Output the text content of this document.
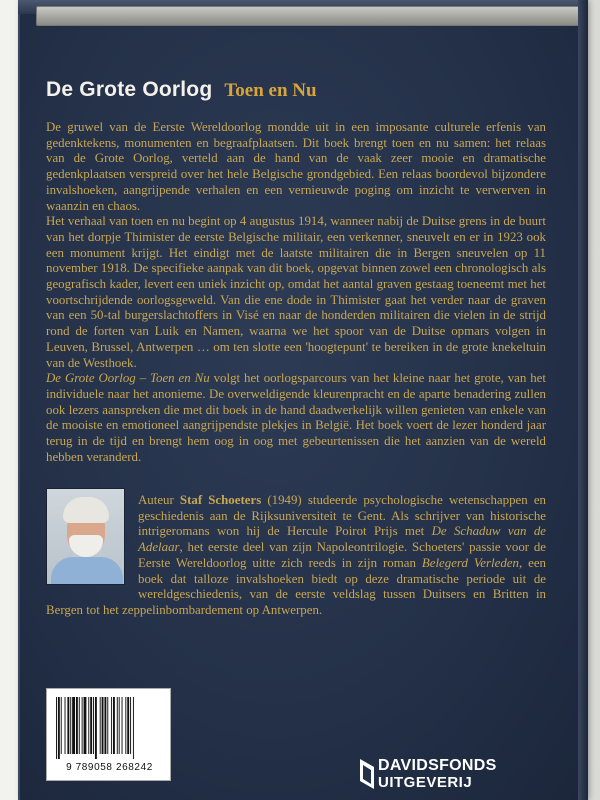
De Grote Oorlog Toen en Nu

De gruwel van de Eerste Wereldoorlog mondde uit in een imposante culturele erfenis van gedenktekens, monumenten en begraafplaatsen. Dit boek brengt toen en nu samen: het relaas van de Grote Oorlog, verteld aan de hand van de vaak zeer mooie en dramatische gedenkplaatsen verspreid over het hele Belgische grondgebied. Een relaas boordevol bijzondere invalshoeken, aangrijpende verhalen en een vernieuwde poging om inzicht te verwerven in waanzin en chaos.

Het verhaal van toen en nu begint op 4 augustus 1914, wanneer nabij de Duitse grens in de buurt van het dorpje Thimister de eerste Belgische militair, een verkenner, sneuvelt en er in 1923 ook een monument krijgt. Het eindigt met de laatste militairen die in Bergen sneuvelen op 11 november 1918. De specifieke aanpak van dit boek, opgevat binnen zowel een chronologisch als geografisch kader, levert een uniek inzicht op, omdat het aantal graven gestaag toeneemt met het voortschrijdende oorlogsgeweld. Van die ene dode in Thimister gaat het verder naar de graven van een 50-tal burgerslachtoffers in Visé en naar de honderden militairen die vielen in de strijd rond de forten van Luik en Namen, waarna we het spoor van de Duitse opmars volgen in Leuven, Brussel, Antwerpen … om ten slotte een 'hoogtepunt' te bereiken in de grote knekeltuin van de Westhoek.

De Grote Oorlog – Toen en Nu volgt het oorlogsparcours van het kleine naar het grote, van het individuele naar het anonieme. De overweldigende kleurenpracht en de aparte benadering zullen ook lezers aanspreken die met dit boek in de hand daadwerkelijk willen genieten van enkele van de mooiste en emotioneel aangrijpendste plekjes in België. Het boek voert de lezer honderd jaar terug in de tijd en brengt hem oog in oog met gebeurtenissen die het aanzien van de wereld hebben veranderd.

Auteur Staf Schoeters (1949) studeerde psychologische wetenschappen en geschiedenis aan de Rijksuniversiteit te Gent. Als schrijver van historische intrigeromans won hij de Hercule Poirot Prijs met De Schaduw van de Adelaar, het eerste deel van zijn Napoleontrilogie. Schoeters' passie voor de Eerste Wereldoorlog uitte zich reeds in zijn roman Belegerd Verleden, een boek dat talloze invalshoeken biedt op deze dramatische periode uit de wereldgeschiedenis, van de eerste veldslag tussen Duitsers en Britten in Bergen tot het zeppelinbombardement op Antwerpen.
9 789058 268242	DAVIDSFONDS
UITGEVERIJ
